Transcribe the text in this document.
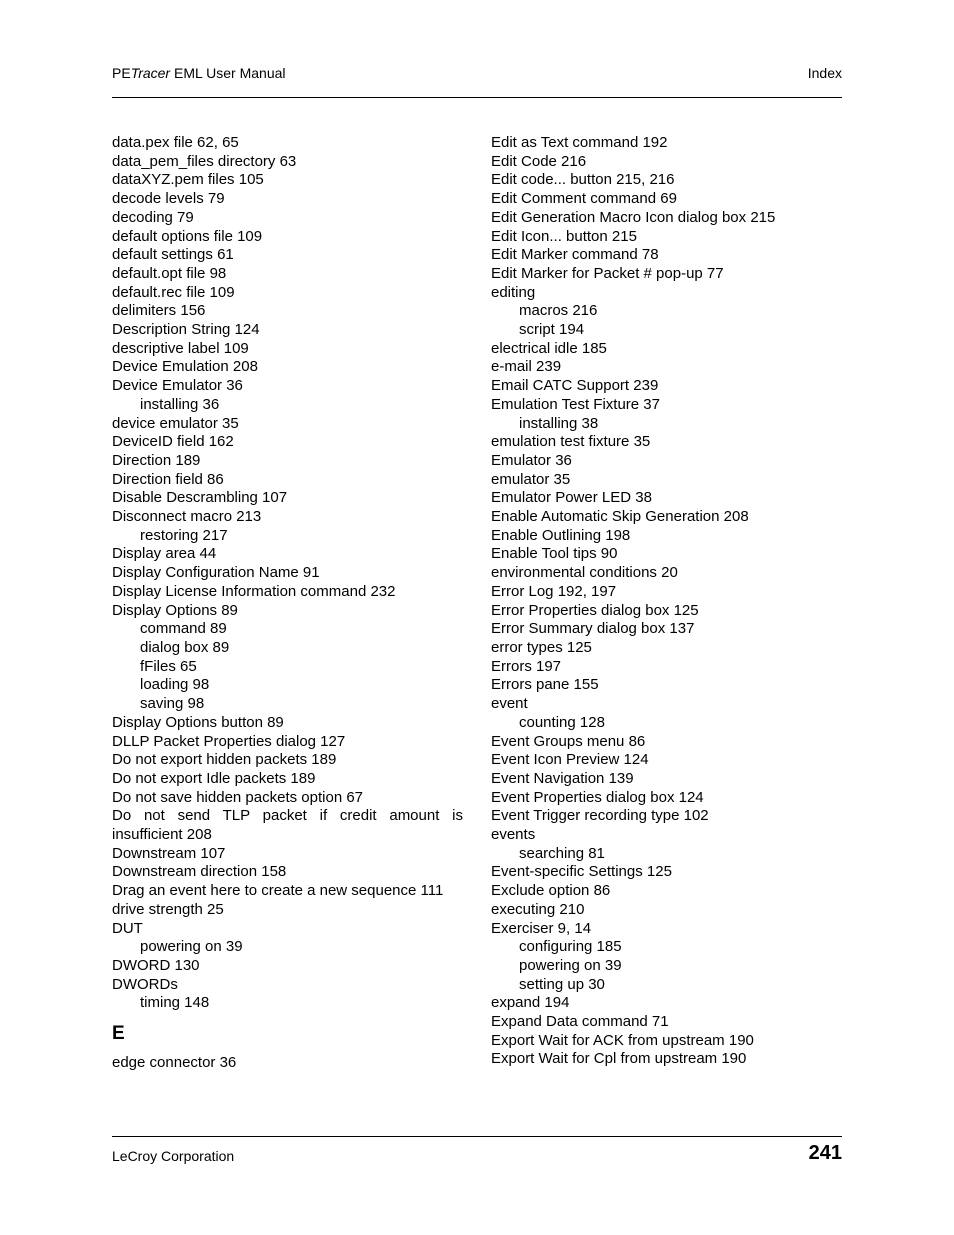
PETracer EML User Manual	Index
data.pex file 62, 65
data_pem_files directory 63
dataXYZ.pem files 105
decode levels 79
decoding 79
default options file 109
default settings 61
default.opt file 98
default.rec file 109
delimiters 156
Description String 124
descriptive label 109
Device Emulation 208
Device Emulator 36
installing 36
device emulator 35
DeviceID field 162
Direction 189
Direction field 86
Disable Descrambling 107
Disconnect macro 213
restoring 217
Display area 44
Display Configuration Name 91
Display License Information command 232
Display Options 89
command 89
dialog box 89
fFiles 65
loading 98
saving 98
Display Options button 89
DLLP Packet Properties dialog 127
Do not export hidden packets 189
Do not export Idle packets 189
Do not save hidden packets option 67
Do not send TLP packet if credit amount is insufficient 208
Downstream 107
Downstream direction 158
Drag an event here to create a new sequence 111
drive strength 25
DUT
powering on 39
DWORD 130
DWORDs
timing 148
E
edge connector 36
Edit as Text command 192
Edit Code 216
Edit code... button 215, 216
Edit Comment command 69
Edit Generation Macro Icon dialog box 215
Edit Icon... button 215
Edit Marker command 78
Edit Marker for Packet # pop-up 77
editing
macros 216
script 194
electrical idle 185
e-mail 239
Email CATC Support 239
Emulation Test Fixture 37
installing 38
emulation test fixture 35
Emulator 36
emulator 35
Emulator Power LED 38
Enable Automatic Skip Generation 208
Enable Outlining 198
Enable Tool tips 90
environmental conditions 20
Error Log 192, 197
Error Properties dialog box 125
Error Summary dialog box 137
error types 125
Errors 197
Errors pane 155
event
counting 128
Event Groups menu 86
Event Icon Preview 124
Event Navigation 139
Event Properties dialog box 124
Event Trigger recording type 102
events
searching 81
Event-specific Settings 125
Exclude option 86
executing 210
Exerciser 9, 14
configuring 185
powering on 39
setting up 30
expand 194
Expand Data command 71
Export Wait for ACK from upstream 190
Export Wait for Cpl from upstream 190
LeCroy Corporation	241
